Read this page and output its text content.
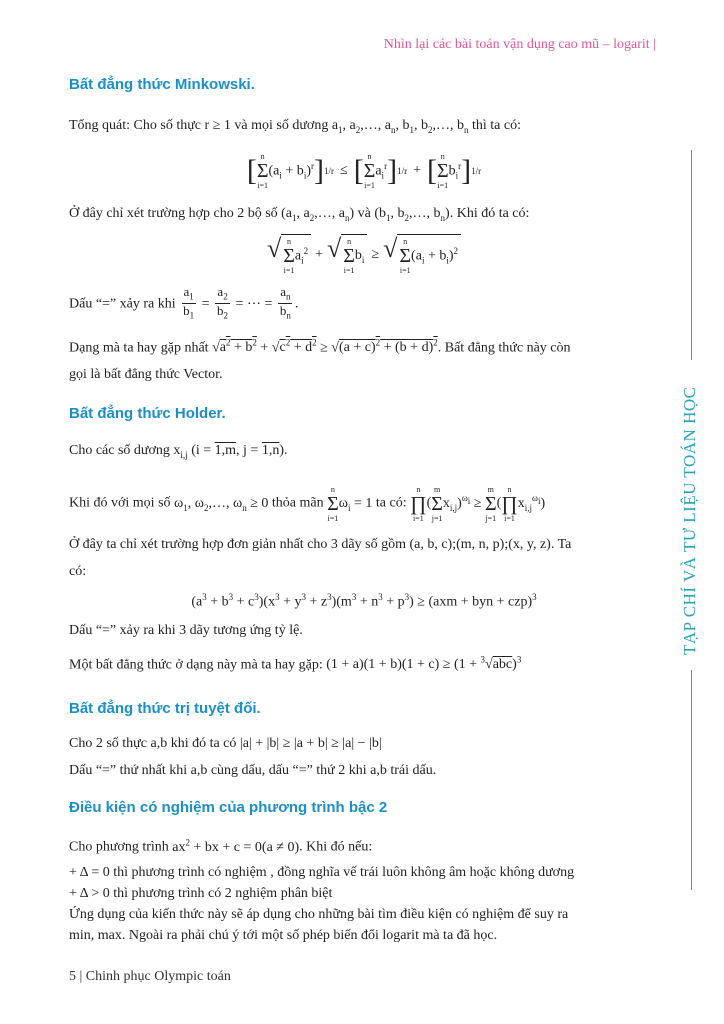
Nhìn lại các bài toán vận dụng cao mũ – logarit |
TẠP CHÍ VÀ TƯ LIỆU TOÁN HỌC
Bất đẳng thức Minkowski.

Tổng quát: Cho số thực r ≥ 1 và mọi số dương $a_1$, $a_2,\dots$, $a_n$, $b_1$, $b_2,\dots$, $b_n$ thì ta có:

[ n
Σ
i=1
$(a_i + b_i)^r$ ] 1/r ≤ [ n
Σ
i=1
$a_i^r$ ] 1/r + [ n
Σ
i=1
$b_i^r$ ] 1/r

Ở đây chỉ xét trường hợp cho 2 bộ số ($a_1$, $a_2,\dots$, $a_n$) và ($b_1$, $b_2,\dots$, $b_n$). Khi đó ta có:

√ n
Σ
i=1
$a_i^2$ + √ n
Σ
i=1
$b_i$ ≥ √ n
Σ
i=1
$(a_i + b_i)^2$

Dấu “=” xảy ra khi $\frac{a_1}{b_1} = \frac{a_2}{b_2}$ = ⋯ = $\frac{a_n}{b_n}$ .

Dạng mà ta hay gặp nhất $√a^2 + b^2 + √c^2 + d^2 \ge √(a + c)^2 + (b + d)^2$. Bất đẳng thức này còn

gọi là bất đẳng thức Vector.

Bất đẳng thức Holder.

Cho các số dương $x_{i,j}$ (i = 1,m, j = 1,n).

Khi đó với mọi số $\omega_1$, $\omega_2,\dots$, $\omega_n \ge 0$ thỏa mãn
n
Σ
i=1
$\omega_i = 1$ ta có:
n
∏
i=1
(
m
Σ
j=1
$x_{i,j})^{\omega_i}$ ≥
m
Σ
j=1
(
n
∏
i=1
$x_{i,j}^{\omega_i}$)

Ở đây ta chỉ xét trường hợp đơn giản nhất cho 3 dãy số gồm (a, b, c);(m, n, p);(x, y, z). Ta

có:

$(a^3 + b^3 + c^3)(x^3 + y^3 + z^3)(m^3 + n^3 + p^3) \ge (axm$ + byn + czp)$^3$

Dấu “=” xảy ra khi 3 dãy tương ứng tỷ lệ.

Một bất đẳng thức ở dạng này mà ta hay gặp: $(1 + a)(1 + b)(1 + c) \ge (1 + ^3√abc)^3$

Bất đẳng thức trị tuyệt đối.

Cho 2 số thực a,b khi đó ta có |a| + |b| ≥ |a + b| ≥ |a| − |b|

Dấu “=” thứ nhất khi a,b cùng dấu, dấu “=” thứ 2 khi a,b trái dấu.

Điều kiện có nghiệm của phương trình bậc 2

Cho phương trình $ax^2$ + bx + c = 0(a ≠ 0). Khi đó nếu:

+ Δ = 0 thì phương trình có nghiệm , đồng nghĩa vế trái luôn không âm hoặc không dương

+ Δ > 0 thì phương trình có 2 nghiệm phân biệt

Ứng dụng của kiến thức này sẽ áp dụng cho những bài tìm điều kiện có nghiệm để suy ra

min, max. Ngoài ra phải chú ý tới một số phép biến đổi logarit mà ta đã học.

5 | Chinh phục Olympic toán
